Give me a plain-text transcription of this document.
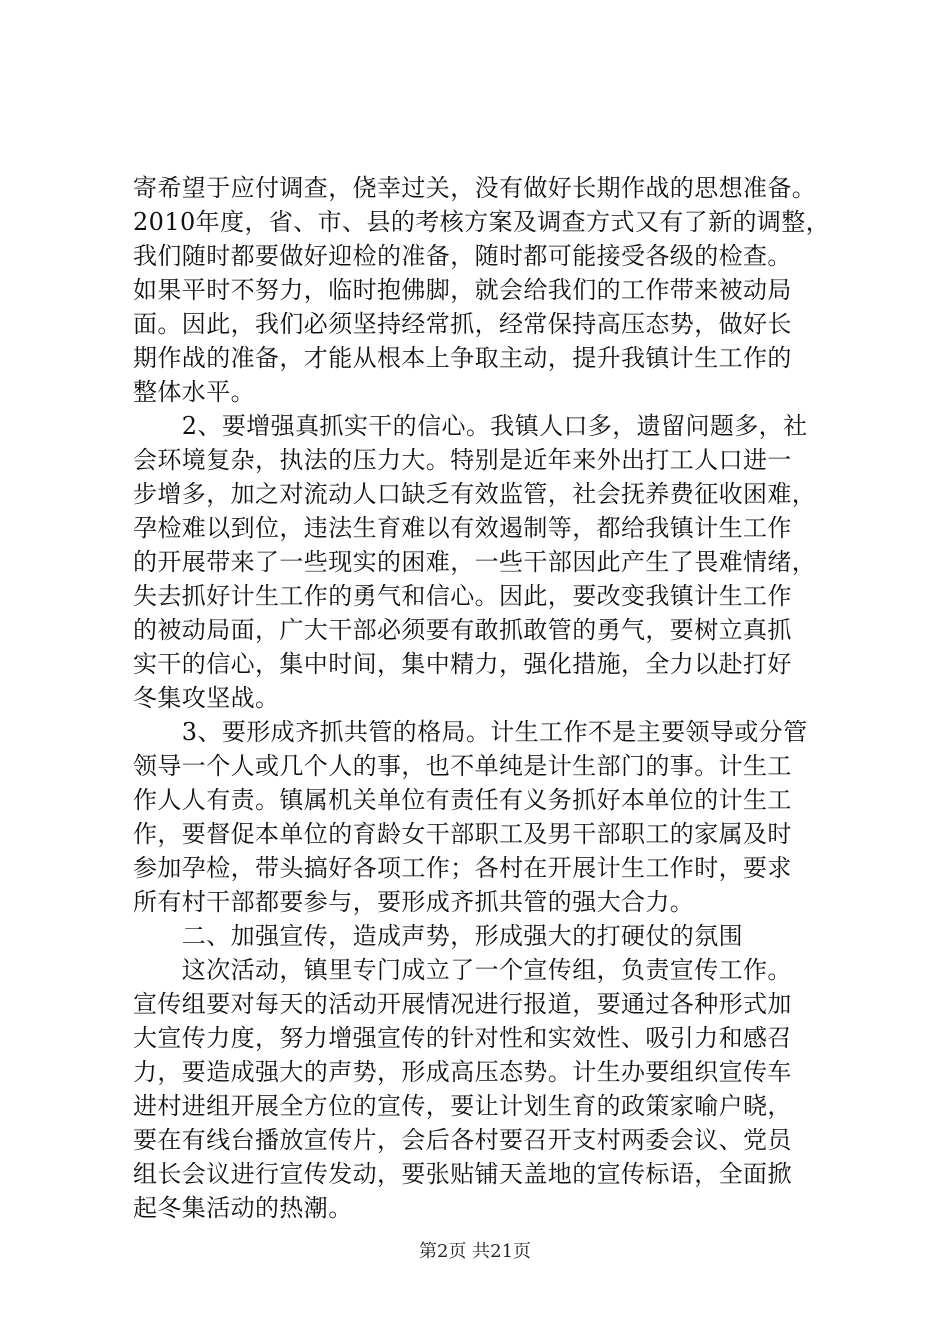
寄希望于应付调查，侥幸过关，没有做好长期作战的思想准备。
2010年度，省、市、县的考核方案及调查方式又有了新的调整，
我们随时都要做好迎检的准备，随时都可能接受各级的检查。
如果平时不努力，临时抱佛脚，就会给我们的工作带来被动局
面。因此，我们必须坚持经常抓，经常保持高压态势，做好长
期作战的准备，才能从根本上争取主动，提升我镇计生工作的
整体水平。
　　2、要增强真抓实干的信心。我镇人口多，遗留问题多，社
会环境复杂，执法的压力大。特别是近年来外出打工人口进一
步增多，加之对流动人口缺乏有效监管，社会抚养费征收困难，
孕检难以到位，违法生育难以有效遏制等，都给我镇计生工作
的开展带来了一些现实的困难，一些干部因此产生了畏难情绪，
失去抓好计生工作的勇气和信心。因此，要改变我镇计生工作
的被动局面，广大干部必须要有敢抓敢管的勇气，要树立真抓
实干的信心，集中时间，集中精力，强化措施，全力以赴打好
冬集攻坚战。
　　3、要形成齐抓共管的格局。计生工作不是主要领导或分管
领导一个人或几个人的事，也不单纯是计生部门的事。计生工
作人人有责。镇属机关单位有责任有义务抓好本单位的计生工
作，要督促本单位的育龄女干部职工及男干部职工的家属及时
参加孕检，带头搞好各项工作；各村在开展计生工作时，要求
所有村干部都要参与，要形成齐抓共管的强大合力。
　　二、加强宣传，造成声势，形成强大的打硬仗的氛围
　　这次活动，镇里专门成立了一个宣传组，负责宣传工作。
宣传组要对每天的活动开展情况进行报道，要通过各种形式加
大宣传力度，努力增强宣传的针对性和实效性、吸引力和感召
力，要造成强大的声势，形成高压态势。计生办要组织宣传车
进村进组开展全方位的宣传，要让计划生育的政策家喻户晓，
要在有线台播放宣传片，会后各村要召开支村两委会议、党员
组长会议进行宣传发动，要张贴铺天盖地的宣传标语，全面掀
起冬集活动的热潮。
第2页 共21页
